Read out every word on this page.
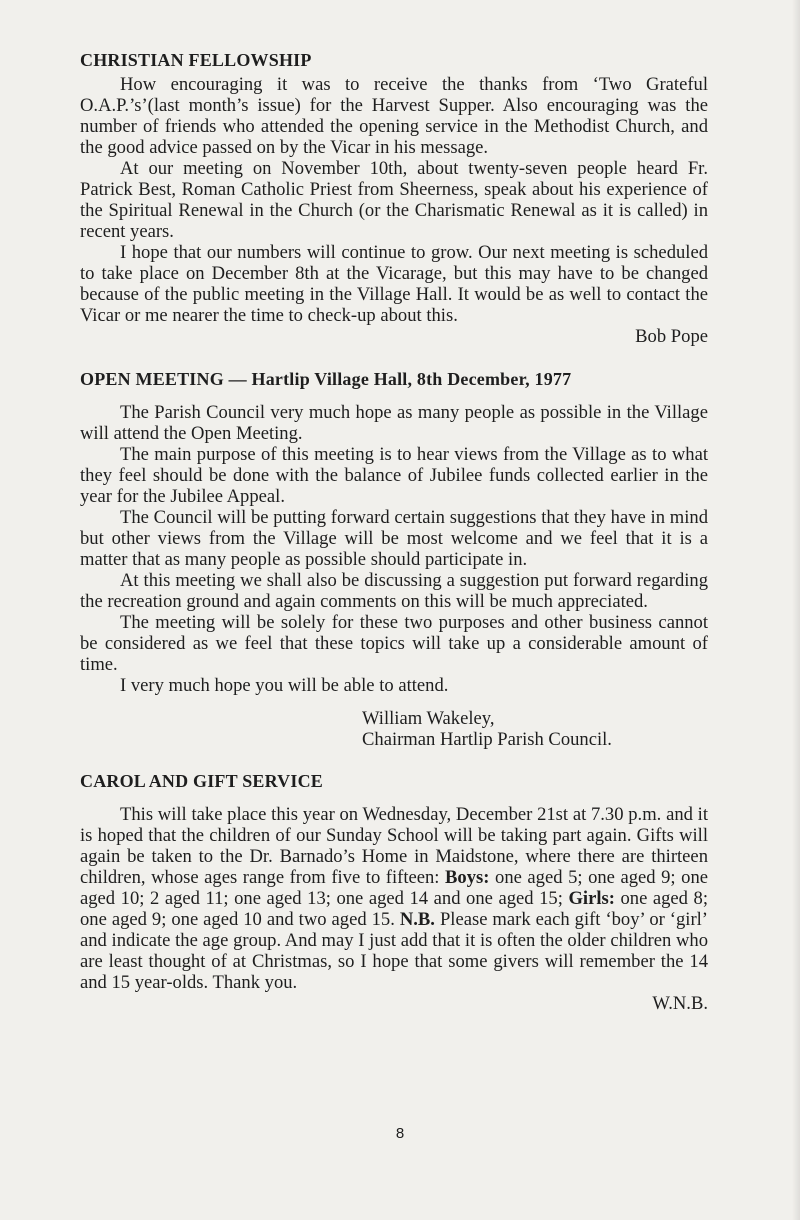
CHRISTIAN FELLOWSHIP

How encouraging it was to receive the thanks from ‘Two Grateful O.A.P.’s’(last month’s issue) for the Harvest Supper. Also encouraging was the number of friends who attended the opening service in the Methodist Church, and the good advice passed on by the Vicar in his message.

At our meeting on November 10th, about twenty-seven people heard Fr. Patrick Best, Roman Catholic Priest from Sheerness, speak about his experience of the Spiritual Renewal in the Church (or the Charismatic Renewal as it is called) in recent years.

I hope that our numbers will continue to grow. Our next meeting is scheduled to take place on December 8th at the Vicarage, but this may have to be changed because of the public meeting in the Village Hall. It would be as well to contact the Vicar or me nearer the time to check-up about this.

Bob Pope
OPEN MEETING — Hartlip Village Hall, 8th December, 1977

The Parish Council very much hope as many people as possible in the Village will attend the Open Meeting.

The main purpose of this meeting is to hear views from the Village as to what they feel should be done with the balance of Jubilee funds collected earlier in the year for the Jubilee Appeal.

The Council will be putting forward certain suggestions that they have in mind but other views from the Village will be most welcome and we feel that it is a matter that as many people as possible should participate in.

At this meeting we shall also be discussing a suggestion put forward regarding the recreation ground and again comments on this will be much appreciated.

The meeting will be solely for these two purposes and other business cannot be considered as we feel that these topics will take up a considerable amount of time.

I very much hope you will be able to attend.

William Wakeley,
Chairman Hartlip Parish Council.
CAROL AND GIFT SERVICE

This will take place this year on Wednesday, December 21st at 7.30 p.m. and it is hoped that the children of our Sunday School will be taking part again. Gifts will again be taken to the Dr. Barnado’s Home in Maidstone, where there are thirteen children, whose ages range from five to fifteen: Boys: one aged 5; one aged 9; one aged 10; 2 aged 11; one aged 13; one aged 14 and one aged 15; Girls: one aged 8; one aged 9; one aged 10 and two aged 15. N.B. Please mark each gift ‘boy’ or ‘girl’ and indicate the age group. And may I just add that it is often the older children who are least thought of at Christmas, so I hope that some givers will remember the 14 and 15 year-olds. Thank you.

W.N.B.
8
